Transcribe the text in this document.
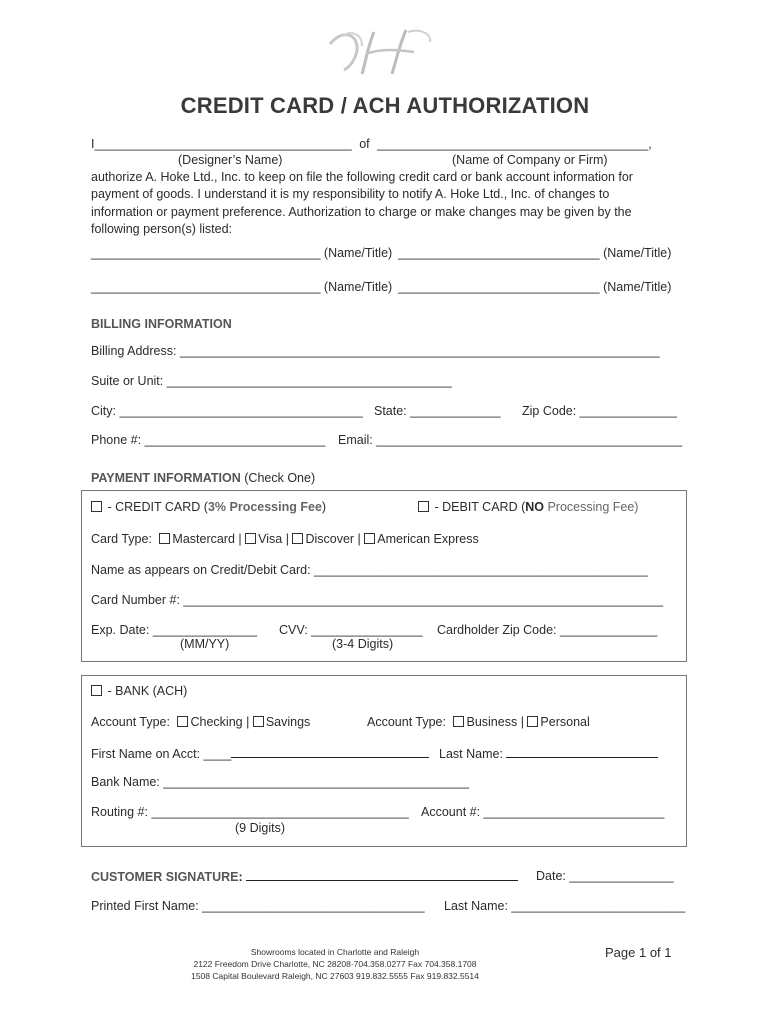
CREDIT CARD / ACH AUTHORIZATION
I_____________________________________ of _______________________________________,
(Designer’s Name)	(Name of Company or Firm)
authorize A. Hoke Ltd., Inc. to keep on file the following credit card or bank account information for
payment of goods. I understand it is my responsibility to notify A. Hoke Ltd., Inc. of changes to
information or payment preference. Authorization to charge or make changes may be given by the
following person(s) listed:
_________________________________ (Name/Title) _____________________________ (Name/Title)
_________________________________ (Name/Title) _____________________________ (Name/Title)
BILLING INFORMATION
Billing Address: _____________________________________________________________________
Suite or Unit: _________________________________________
City: ___________________________________ State: _____________ Zip Code: ______________
Phone #: __________________________ Email: ____________________________________________
PAYMENT INFORMATION (Check One)
- CREDIT CARD (3% Processing Fee)	- DEBIT CARD (NO Processing Fee)
Card Type: Mastercard | Visa | Discover | American Express
Name as appears on Credit/Debit Card: ________________________________________________
Card Number #: _____________________________________________________________________
Exp. Date: _______________
(MM/YY)
CVV: ________________
(3-4 Digits)
Cardholder Zip Code: ______________
- BANK (ACH)
Account Type: Checking | Savings	Account Type: Business | Personal
First Name on Acct: ____	Last Name:
Bank Name: ____________________________________________
Routing #: _____________________________________
(9 Digits)
Account #: __________________________
CUSTOMER SIGNATURE:	Date: _______________
Printed First Name: ________________________________ Last Name: _________________________
Showrooms located in Charlotte and Raleigh
2122 Freedom Drive Charlotte, NC 28208·704.358.0277 Fax 704.358.1708
1508 Capital Boulevard Raleigh, NC 27603 919.832.5555 Fax 919.832.5514
Page 1 of 1
